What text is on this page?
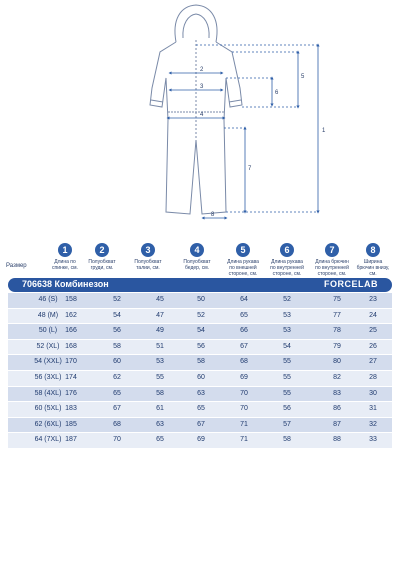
1
2
3
4
5
6
7
8
1
Длина по спинке, см.
2
Полуобхват груди, см.
3
Полуобхват талии, см.
4
Полуобхват бедер, см.
5
Длина рукава по внешней стороне, см.
6
Длина рукава по внутренней стороне, см.
7
Длина брючин по внутренней стороне, см.
8
Ширина брючин внизу, см.
Размер
706638 Комбинезон	FORCELAB
46 (S)	158	52	45	50	64	52	75	23
48 (M)	162	54	47	52	65	53	77	24
50 (L)	166	56	49	54	66	53	78	25
52 (XL) 168	58	51	56	67	54	79	26
54 (XXL) 170	60	53	58	68	55	80	27
56 (3XL) 174	62	55	60	69	55	82	28
58 (4XL) 176	65	58	63	70	55	83	30
60 (5XL) 183	67	61	65	70	56	86	31
62 (6XL) 185	68	63	67	71	57	87	32
64 (7XL) 187	70	65	69	71	58	88	33
